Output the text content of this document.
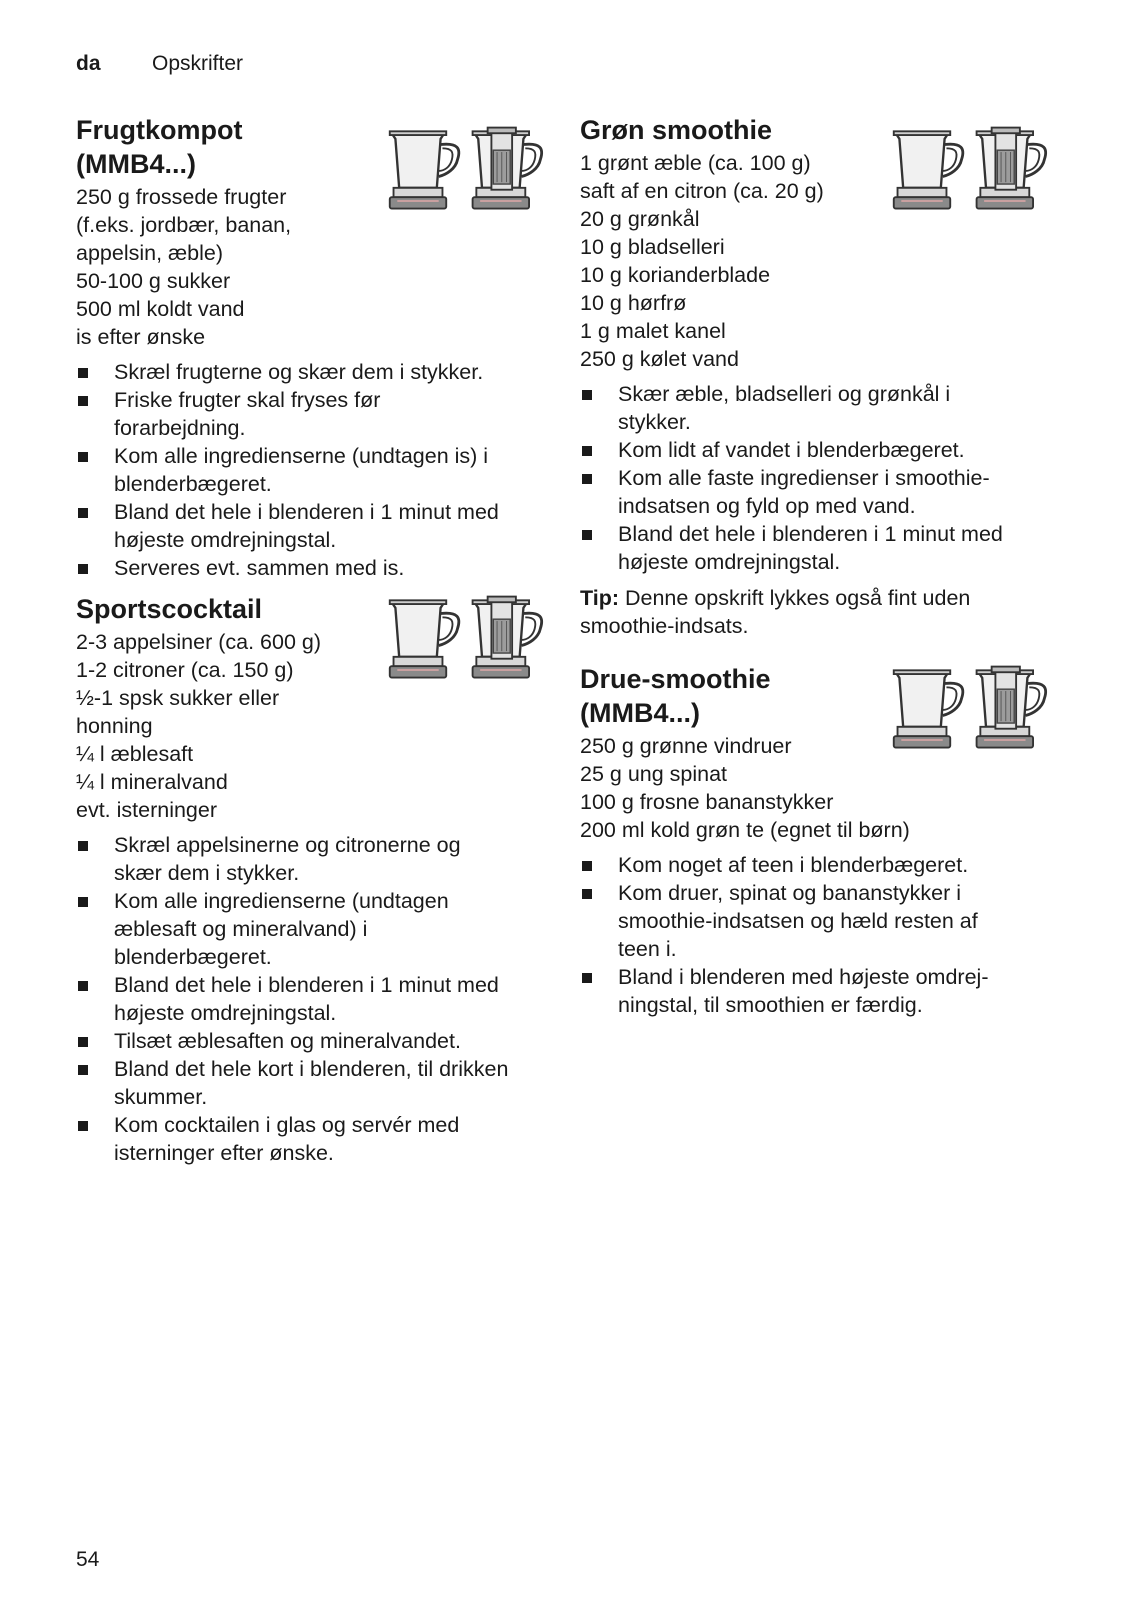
da	Opskrifter
Frugtkompot
(MMB4...)
250 g frossede frugter
(f.eks. jordbær, banan,
appelsin, æble)
50-100 g sukker
500 ml koldt vand
is efter ønske
Skræl frugterne og skær dem i stykker.
Friske frugter skal fryses før
forarbejdning.
Kom alle ingredienserne (undtagen is) i
blenderbægeret.
Bland det hele i blenderen i 1 minut med
højeste omdrejningstal.
Serveres evt. sammen med is.
Sportscocktail
2-3 appelsiner (ca. 600 g)
1-2 citroner (ca. 150 g)
½-1 spsk sukker eller
honning
¼ l æblesaft
¼ l mineralvand
evt. isterninger
Skræl appelsinerne og citronerne og
skær dem i stykker.
Kom alle ingredienserne (undtagen
æblesaft og mineralvand) i
blenderbægeret.
Bland det hele i blenderen i 1 minut med
højeste omdrejningstal.
Tilsæt æblesaften og mineralvandet.
Bland det hele kort i blenderen, til drikken
skummer.
Kom cocktailen i glas og servér med
isterninger efter ønske.
Grøn smoothie
1 grønt æble (ca. 100 g)
saft af en citron (ca. 20 g)
20 g grønkål
10 g bladselleri
10 g korianderblade
10 g hørfrø
1 g malet kanel
250 g kølet vand
Skær æble, bladselleri og grønkål i
stykker.
Kom lidt af vandet i blenderbægeret.
Kom alle faste ingredienser i smoothie-
indsatsen og fyld op med vand.
Bland det hele i blenderen i 1 minut med
højeste omdrejningstal.
Tip: Denne opskrift lykkes også fint uden
smoothie-indsats.
Drue-smoothie
(MMB4...)
250 g grønne vindruer
25 g ung spinat
100 g frosne bananstykker
200 ml kold grøn te (egnet til børn)
Kom noget af teen i blenderbægeret.
Kom druer, spinat og bananstykker i
smoothie-indsatsen og hæld resten af
teen i.
Bland i blenderen med højeste omdrej-
ningstal, til smoothien er færdig.
54
